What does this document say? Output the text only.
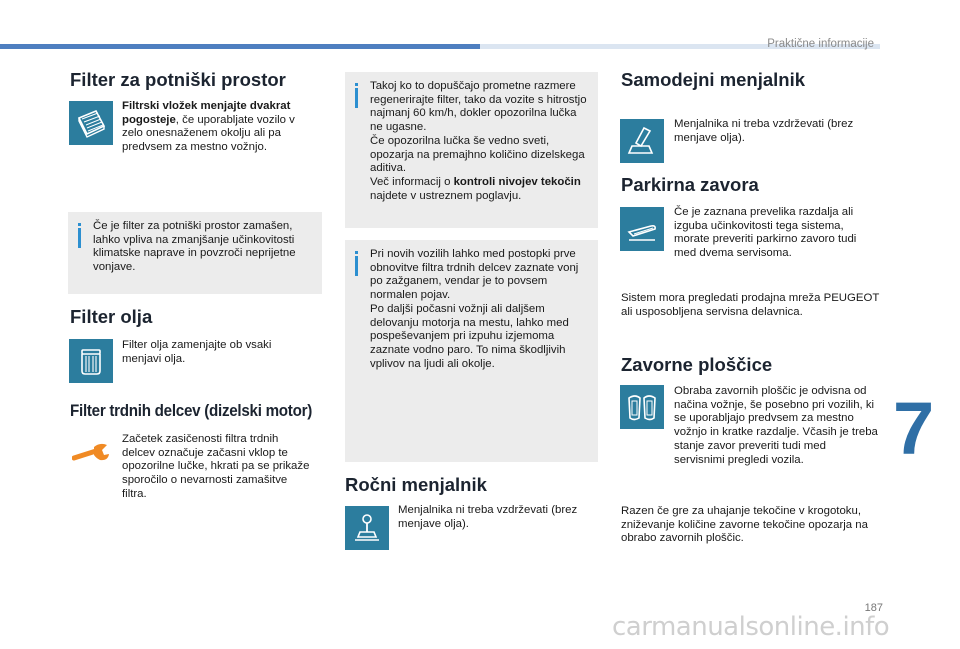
Praktične informacije
Filter za potniški prostor

Filtrski vložek menjajte dvakrat pogosteje, če uporabljate vozilo v zelo onesnaženem okolju ali pa predvsem za mestno vožnjo.

Če je filter za potniški prostor zamašen, lahko vpliva na zmanjšanje učinkovitosti klimatske naprave in povzroči neprijetne vonjave.

Filter olja

Filter olja zamenjajte ob vsaki menjavi olja.

Filter trdnih delcev (dizelski motor)

Začetek zasičenosti filtra trdnih delcev označuje začasni vklop te opozorilne lučke, hkrati pa se prikaže sporočilo o nevarnosti zamašitve filtra.

Takoj ko to dopuščajo prometne razmere regenerirajte filter, tako da vozite s hitrostjo najmanj 60 km/h, dokler opozorilna lučka ne ugasne.

Če opozorilna lučka še vedno sveti, opozarja na premajhno količino dizelskega aditiva.

Več informacij o kontroli nivojev tekočin najdete v ustreznem poglavju.

Pri novih vozilih lahko med postopki prve obnovitve filtra trdnih delcev zaznate vonj po zažganem, vendar je to povsem normalen pojav.

Po daljši počasni vožnji ali daljšem delovanju motorja na mestu, lahko med pospeševanjem pri izpuhu izjemoma zaznate vodno paro. To nima škodljivih vplivov na ljudi ali okolje.

Ročni menjalnik

Menjalnika ni treba vzdrževati (brez menjave olja).

Samodejni menjalnik

Menjalnika ni treba vzdrževati (brez menjave olja).

Parkirna zavora

Če je zaznana prevelika razdalja ali izguba učinkovitosti tega sistema, morate preveriti parkirno zavoro tudi med dvema servisoma.

Sistem mora pregledati prodajna mreža PEUGEOT ali usposobljena servisna delavnica.

Zavorne ploščice

Obraba zavornih ploščic je odvisna od načina vožnje, še posebno pri vozilih, ki se uporabljajo predvsem za mestno vožnjo in kratke razdalje. Včasih je treba stanje zavor preveriti tudi med servisnimi pregledi vozila.

Razen če gre za uhajanje tekočine v krogotoku, zniževanje količine zavorne tekočine opozarja na obrabo zavornih ploščic.

7
187
carmanualsonline.info
